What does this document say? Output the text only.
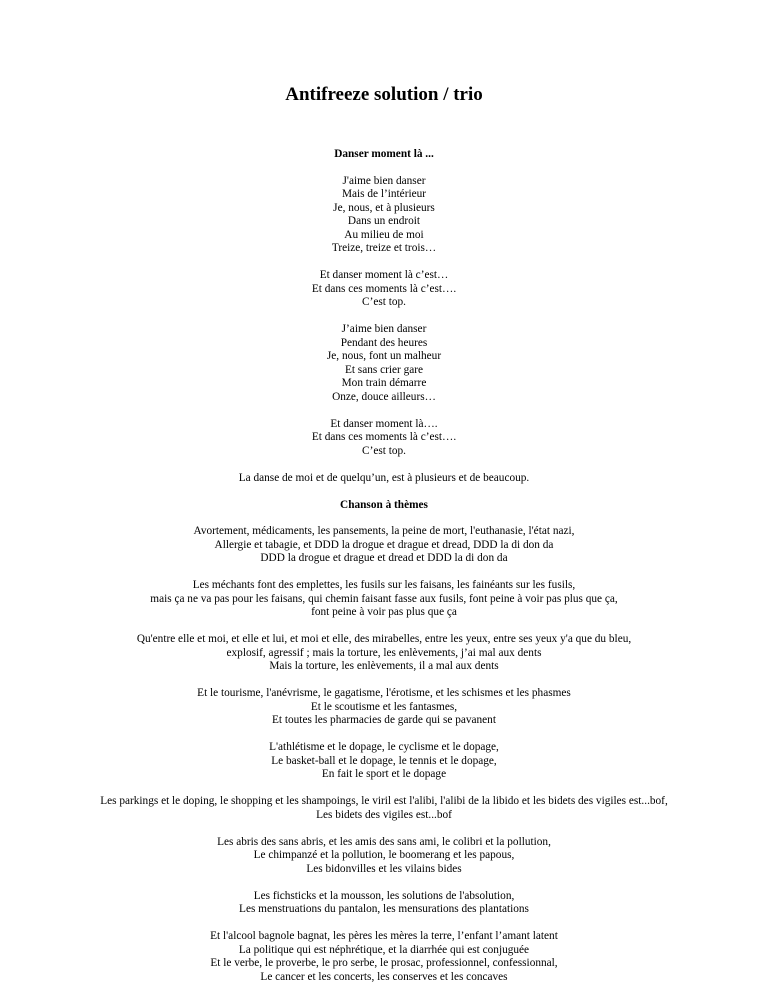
Antifreeze solution / trio
Danser moment là ...
J'aime bien danser
Mais de l’intérieur
Je, nous, et à plusieurs
Dans un endroit
Au milieu de moi
Treize, treize et trois…
Et danser moment là c’est…
Et dans ces moments là c’est….
C’est top.
J’aime bien danser
Pendant des heures
Je, nous, font un malheur
Et sans crier gare
Mon train démarre
Onze, douce ailleurs…
Et danser moment là….
Et dans ces moments là c’est….
C’est top.
La danse de moi et de quelqu’un, est à plusieurs et de beaucoup.
Chanson à thèmes
Avortement, médicaments, les pansements, la peine de mort, l'euthanasie, l'état nazi,
Allergie et tabagie, et DDD la drogue et drague et dread, DDD la di don da
DDD la drogue et drague et dread et DDD la di don da
Les méchants font des emplettes, les fusils sur les faisans, les fainéants sur les fusils,
mais ça ne va pas pour les faisans, qui chemin faisant fasse aux fusils, font peine à voir pas plus que ça,
font peine à voir pas plus que ça
Qu'entre elle et moi, et elle et lui, et moi et elle, des mirabelles, entre les yeux, entre ses yeux y'a que du bleu,
explosif, agressif ; mais la torture, les enlèvements, j’ai mal aux dents
Mais la torture, les enlèvements, il a mal aux dents
Et le tourisme, l'anévrisme, le gagatisme, l'érotisme, et les schismes et les phasmes
Et le scoutisme et les fantasmes,
Et toutes les pharmacies de garde qui se pavanent
L'athlétisme et le dopage, le cyclisme et le dopage,
Le basket-ball et le dopage, le tennis et le dopage,
En fait le sport et le dopage
Les parkings et le doping, le shopping et les shampoings, le viril est l'alibi, l'alibi de la libido et les bidets des vigiles est...bof,
Les bidets des vigiles est...bof
Les abris des sans abris, et les amis des sans ami, le colibri et la pollution,
Le chimpanzé et la pollution, le boomerang et les papous,
Les bidonvilles et les vilains bides
Les fichsticks et la mousson, les solutions de l'absolution,
Les menstruations du pantalon, les mensurations des plantations
Et l'alcool bagnole bagnat, les pères les mères la terre, l’enfant l’amant latent
La politique qui est néphrétique, et la diarrhée qui est conjuguée
Et le verbe, le proverbe, le pro serbe, le prosac, professionnel, confessionnal,
Le cancer et les concerts, les conserves et les concaves
